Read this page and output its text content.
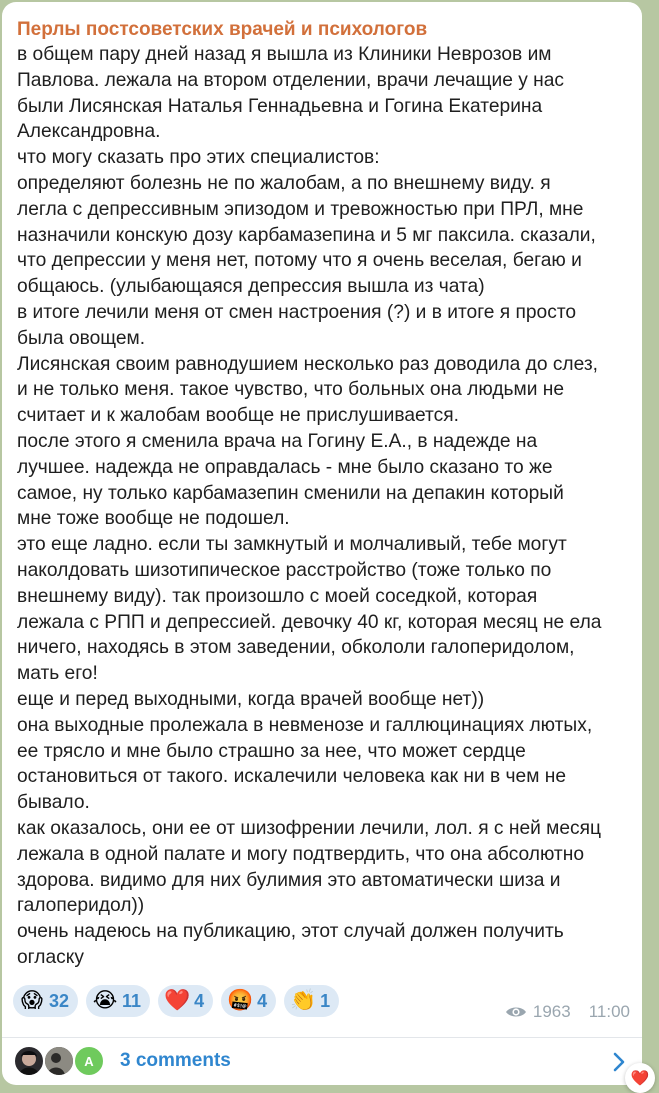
Перлы постсоветских врачей и психологов
в общем пару дней назад я вышла из Клиники Неврозов им
Павлова. лежала на втором отделении, врачи лечащие у нас
были Лисянская Наталья Геннадьевна и Гогина Екатерина
Александровна.
что могу сказать про этих специалистов:
определяют болезнь не по жалобам, а по внешнему виду. я
легла с депрессивным эпизодом и тревожностью при ПРЛ, мне
назначили конскую дозу карбамазепина и 5 мг паксила. сказали,
что депрессии у меня нет, потому что я очень веселая, бегаю и
общаюсь. (улыбающаяся депрессия вышла из чата)
в итоге лечили меня от смен настроения (?) и в итоге я просто
была овощем.
Лисянская своим равнодушием несколько раз доводила до слез,
и не только меня. такое чувство, что больных она людьми не
считает и к жалобам вообще не прислушивается.
после этого я сменила врача на Гогину Е.А., в надежде на
лучшее. надежда не оправдалась - мне было сказано то же
самое, ну только карбамазепин сменили на депакин который
мне тоже вообще не подошел.
это еще ладно. если ты замкнутый и молчаливый, тебе могут
наколдовать шизотипическое расстройство (тоже только по
внешнему виду). так произошло с моей соседкой, которая
лежала с РПП и депрессией. девочку 40 кг, которая месяц не ела
ничего, находясь в этом заведении, обкололи галоперидолом,
мать его!
еще и перед выходными, когда врачей вообще нет))
она выходные пролежала в невменозе и галлюцинациях лютых,
ее трясло и мне было страшно за нее, что может сердце
остановиться от такого. искалечили человека как ни в чем не
бывало.
как оказалось, они ее от шизофрении лечили, лол. я с ней месяц
лежала в одной палате и могу подтвердить, что она абсолютно
здорова. видимо для них булимия это автоматически шиза и
галоперидол))
очень надеюсь на публикацию, этот случай должен получить
огласку
😱 32 😭 11 ❤️ 4 🤬 4 👏 1
1963 11:00
A	3 comments
❤️
